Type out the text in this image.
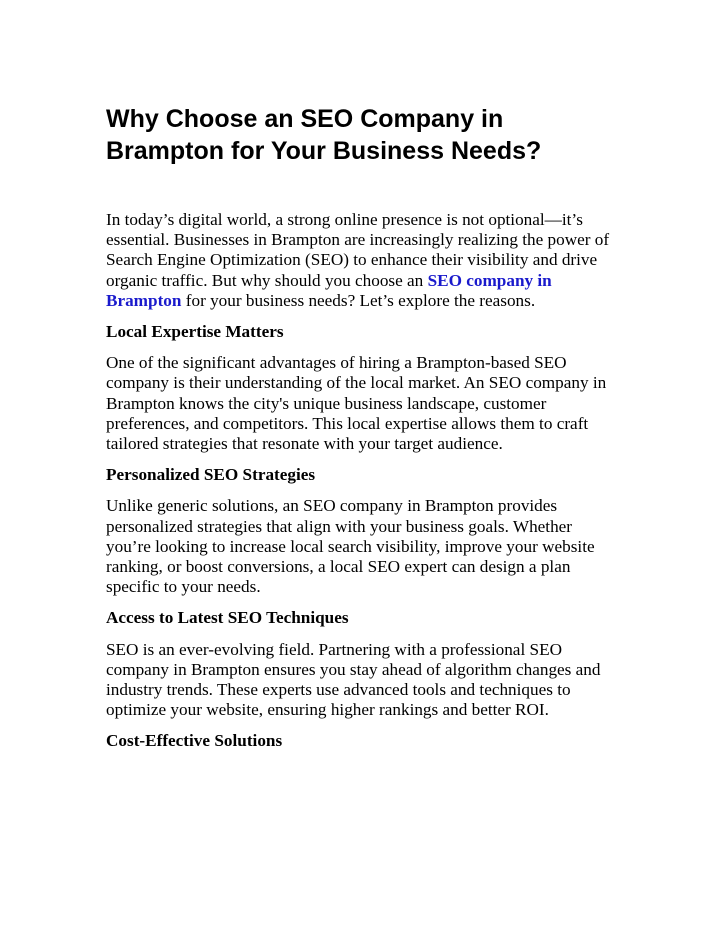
Why Choose an SEO Company in Brampton for Your Business Needs?

In today’s digital world, a strong online presence is not optional—it’s essential. Businesses in Brampton are increasingly realizing the power of Search Engine Optimization (SEO) to enhance their visibility and drive organic traffic. But why should you choose an SEO company in Brampton for your business needs? Let’s explore the reasons.

Local Expertise Matters

One of the significant advantages of hiring a Brampton-based SEO company is their understanding of the local market. An SEO company in Brampton knows the city's unique business landscape, customer preferences, and competitors. This local expertise allows them to craft tailored strategies that resonate with your target audience.

Personalized SEO Strategies

Unlike generic solutions, an SEO company in Brampton provides personalized strategies that align with your business goals. Whether you’re looking to increase local search visibility, improve your website ranking, or boost conversions, a local SEO expert can design a plan specific to your needs.

Access to Latest SEO Techniques

SEO is an ever-evolving field. Partnering with a professional SEO company in Brampton ensures you stay ahead of algorithm changes and industry trends. These experts use advanced tools and techniques to optimize your website, ensuring higher rankings and better ROI.

Cost-Effective Solutions
